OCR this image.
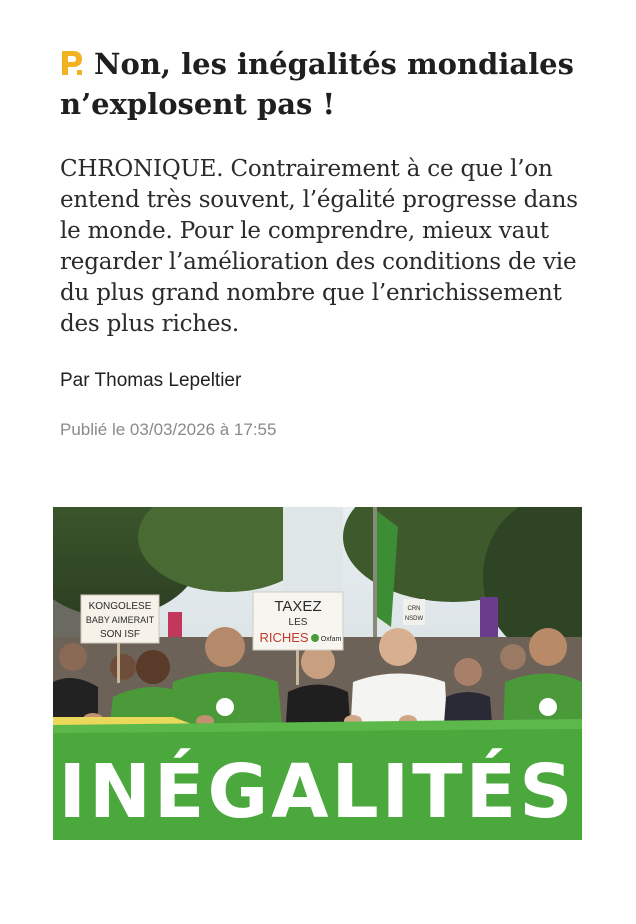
Non, les inégalités mondiales n’explosent pas !
CHRONIQUE. Contrairement à ce que l’on entend très souvent, l’égalité progresse dans le monde. Pour le comprendre, mieux vaut regarder l’amélioration des conditions de vie du plus grand nombre que l’enrichissement des plus riches.
Par Thomas Lepeltier
Publié le 03/03/2026 à 17:55
KONGOLESE
BABY AIMERAIT
SON ISF
TAXEZ
LES
RICHES Oxfam
CRN
NSDW
INÉGALITÉS
